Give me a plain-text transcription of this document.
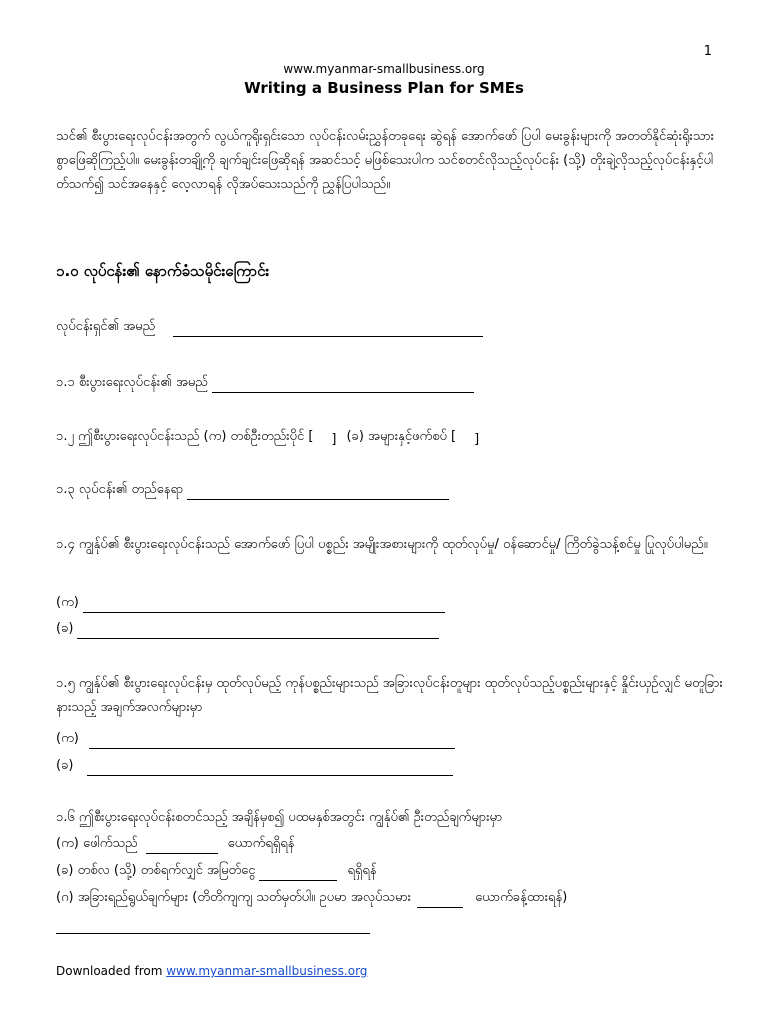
1
www.myanmar-smallbusiness.org
Writing a Business Plan for SMEs
သင်၏ စီးပွားရေးလုပ်ငန်းအတွက် လွယ်ကူရိုးရှင်းသော လုပ်ငန်းလမ်းညွှန်တခုရေး ဆွဲရန် အောက်ဖော် ပြပါ မေးခွန်းများကို အတတ်နိုင်ဆုံးရိုးသားစွာဖြေဆိုကြည့်ပါ။ မေးခွန်းတချို့ကို ချက်ချင်းဖြေဆိုရန် အဆင်သင့် မဖြစ်သေးပါက သင်စတင်လိုသည့်လုပ်ငန်း (သို့) တိုးချဲ့လိုသည့်လုပ်ငန်းနှင့်ပါတ်သက်၍ သင်အနေနှင့် လေ့လာရန် လိုအပ်သေးသည်ကို ညွှန်ပြပါသည်။
၁.၀ လုပ်ငန်း၏ နောက်ခံသမိုင်းကြောင်း
လုပ်ငန်းရှင်၏ အမည်
၁.၁ စီးပွားရေးလုပ်ငန်း၏ အမည်
၁.၂ ဤစီးပွားရေးလုပ်ငန်းသည် (က) တစ်ဦးတည်းပိုင် [ ] (ခ) အများနှင့်ဖက်စပ် [ ]
၁.၃ လုပ်ငန်း၏ တည်နေရာ
၁.၄ ကျွန်ုပ်၏ စီးပွားရေးလုပ်ငန်းသည် အောက်ဖော် ပြပါ ပစ္စည်း အမျိုးအစားများကို ထုတ်လုပ်မှု/ ဝန်ဆောင်မှု/ ကြိတ်ခွဲသန့်စင်မှု ပြုလုပ်ပါမည်။
(က)
(ခ)
၁.၅ ကျွန်ုပ်၏ စီးပွားရေးလုပ်ငန်းမှ ထုတ်လုပ်မည့် ကုန်ပစ္စည်းများသည် အခြားလုပ်ငန်းတူများ ထုတ်လုပ်သည့်ပစ္စည်းများနှင့် နှိုင်းယှဉ်လျှင် မတူခြားနားသည့် အချက်အလက်များမှာ
(က)
(ခ)
၁.၆ ဤစီးပွားရေးလုပ်ငန်းစတင်သည့် အချိန်မှစ၍ ပထမနှစ်အတွင်း ကျွန်ုပ်၏ ဦးတည်ချက်များမှာ
(က) ဖေါက်သည်	ယောက်ရရှိရန်
(ခ) တစ်လ (သို့) တစ်ရက်လျှင် အမြတ်ငွေ	ရရှိရန်
(ဂ) အခြားရည်ရွယ်ချက်များ (တိတိကျကျ သတ်မှတ်ပါ။ ဥပမာ အလုပ်သမား	ယောက်ခန့်ထားရန်)
Downloaded from www.myanmar-smallbusiness.org
